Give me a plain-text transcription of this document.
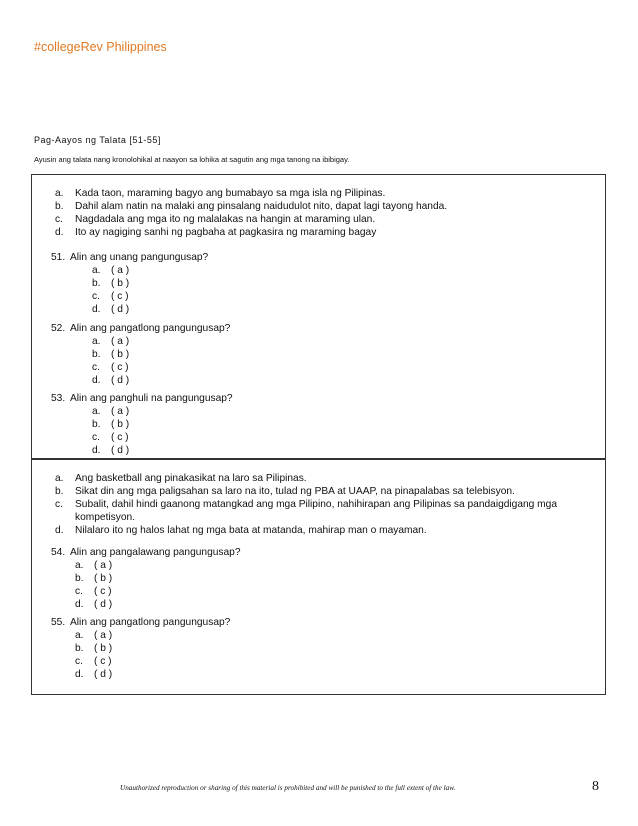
#collegeRev Philippines
Pag-Aayos ng Talata [51-55]
Ayusin ang talata nang kronolohikal at naayon sa lohika at sagutin ang mga tanong na ibibigay.
a. Kada taon, maraming bagyo ang bumabayo sa mga isla ng Pilipinas.
b. Dahil alam natin na malaki ang pinsalang naidudulot nito, dapat lagi tayong handa.
c. Nagdadala ang mga ito ng malalakas na hangin at maraming ulan.
d. Ito ay nagiging sanhi ng pagbaha at pagkasira ng maraming bagay
51. Alin ang unang pangungusap?
a. ( a )
b. ( b )
c. ( c )
d. ( d )
52. Alin ang pangatlong pangungusap?
a. ( a )
b. ( b )
c. ( c )
d. ( d )
53. Alin ang panghuli na pangungusap?
a. ( a )
b. ( b )
c. ( c )
d. ( d )
a. Ang basketball ang pinakasikat na laro sa Pilipinas.
b. Sikat din ang mga paligsahan sa laro na ito, tulad ng PBA at UAAP, na pinapalabas sa telebisyon.
c. Subalit, dahil hindi gaanong matangkad ang mga Pilipino, nahihirapan ang Pilipinas sa pandaigdigang mga
kompetisyon.
d. Nilalaro ito ng halos lahat ng mga bata at matanda, mahirap man o mayaman.
54. Alin ang pangalawang pangungusap?
a. ( a )
b. ( b )
c. ( c )
d. ( d )
55. Alin ang pangatlong pangungusap?
a. ( a )
b. ( b )
c. ( c )
d. ( d )
Unauthorized reproduction or sharing of this material is prohibited and will be punished to the full extent of the law.	8
